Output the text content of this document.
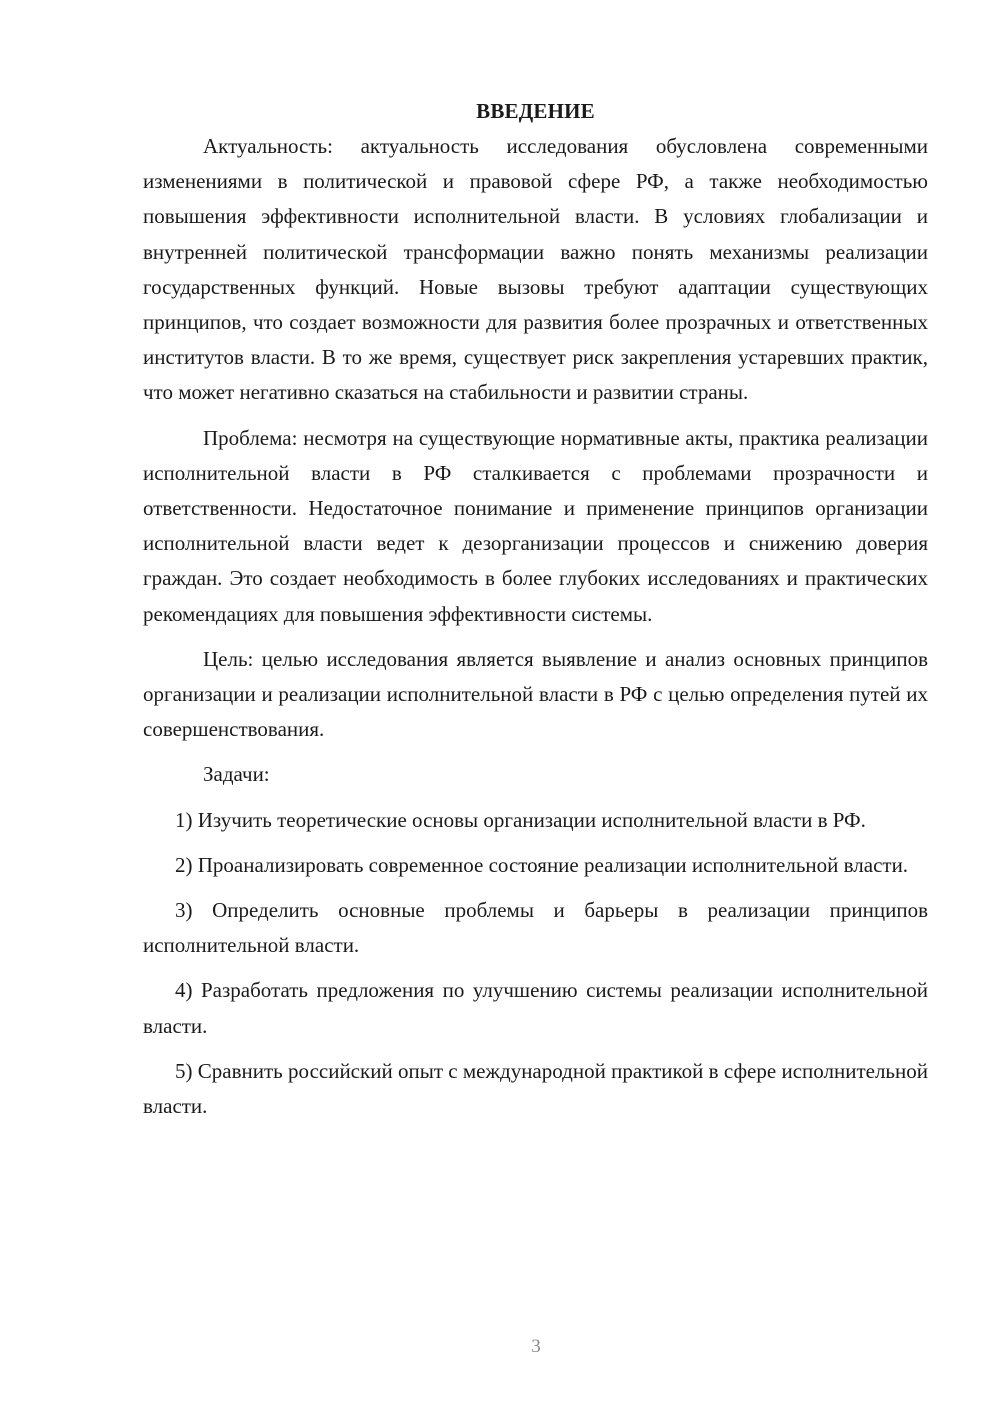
ВВЕДЕНИЕ

Актуальность: актуальность исследования обусловлена современными изменениями в политической и правовой сфере РФ, а также необходимостью повышения эффективности исполнительной власти. В условиях глобализации и внутренней политической трансформации важно понять механизмы реализации государственных функций. Новые вызовы требуют адаптации существующих принципов, что создает возможности для развития более прозрачных и ответственных институтов власти. В то же время, существует риск закрепления устаревших практик, что может негативно сказаться на стабильности и развитии страны.

Проблема: несмотря на существующие нормативные акты, практика реализации исполнительной власти в РФ сталкивается с проблемами прозрачности и ответственности. Недостаточное понимание и применение принципов организации исполнительной власти ведет к дезорганизации процессов и снижению доверия граждан. Это создает необходимость в более глубоких исследованиях и практических рекомендациях для повышения эффективности системы.

Цель: целью исследования является выявление и анализ основных принципов организации и реализации исполнительной власти в РФ с целью определения путей их совершенствования.

Задачи:

1) Изучить теоретические основы организации исполнительной власти в РФ.

2) Проанализировать современное состояние реализации исполнительной власти.

3) Определить основные проблемы и барьеры в реализации принципов исполнительной власти.

4) Разработать предложения по улучшению системы реализации исполнительной власти.

5) Сравнить российский опыт с международной практикой в сфере исполнительной власти.

3
